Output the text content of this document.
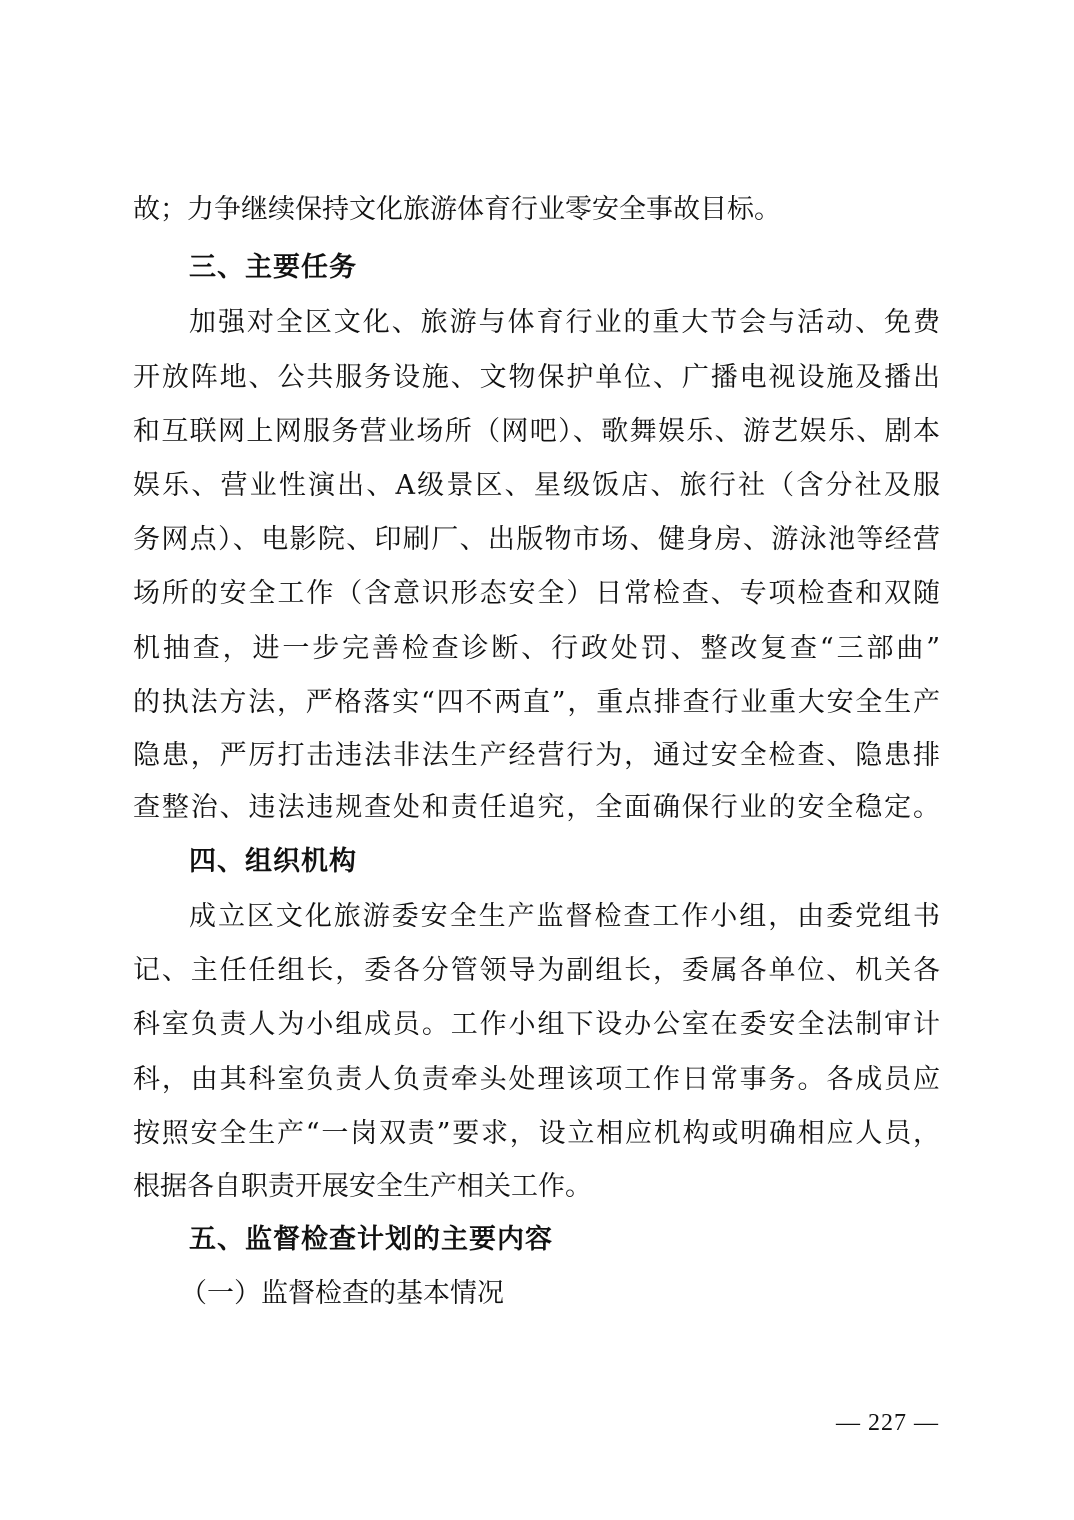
故；力争继续保持文化旅游体育行业零安全事故目标。
三、主要任务
加强对全区文化、旅游与体育行业的重大节会与活动、免费
开放阵地、公共服务设施、文物保护单位、广播电视设施及播出
和互联网上网服务营业场所（网吧）、歌舞娱乐、游艺娱乐、剧本
娱乐、营业性演出、A级景区、星级饭店、旅行社（含分社及服
务网点）、电影院、印刷厂、出版物市场、健身房、游泳池等经营
场所的安全工作（含意识形态安全）日常检查、专项检查和双随
机抽查，进一步完善检查诊断、行政处罚、整改复查“三部曲”
的执法方法，严格落实“四不两直”，重点排查行业重大安全生产
隐患，严厉打击违法非法生产经营行为，通过安全检查、隐患排
查整治、违法违规查处和责任追究，全面确保行业的安全稳定。
四、组织机构
成立区文化旅游委安全生产监督检查工作小组，由委党组书
记、主任任组长，委各分管领导为副组长，委属各单位、机关各
科室负责人为小组成员。工作小组下设办公室在委安全法制审计
科，由其科室负责人负责牵头处理该项工作日常事务。各成员应
按照安全生产“一岗双责”要求，设立相应机构或明确相应人员，
根据各自职责开展安全生产相关工作。
五、监督检查计划的主要内容
（一）监督检查的基本情况
— 227 —
